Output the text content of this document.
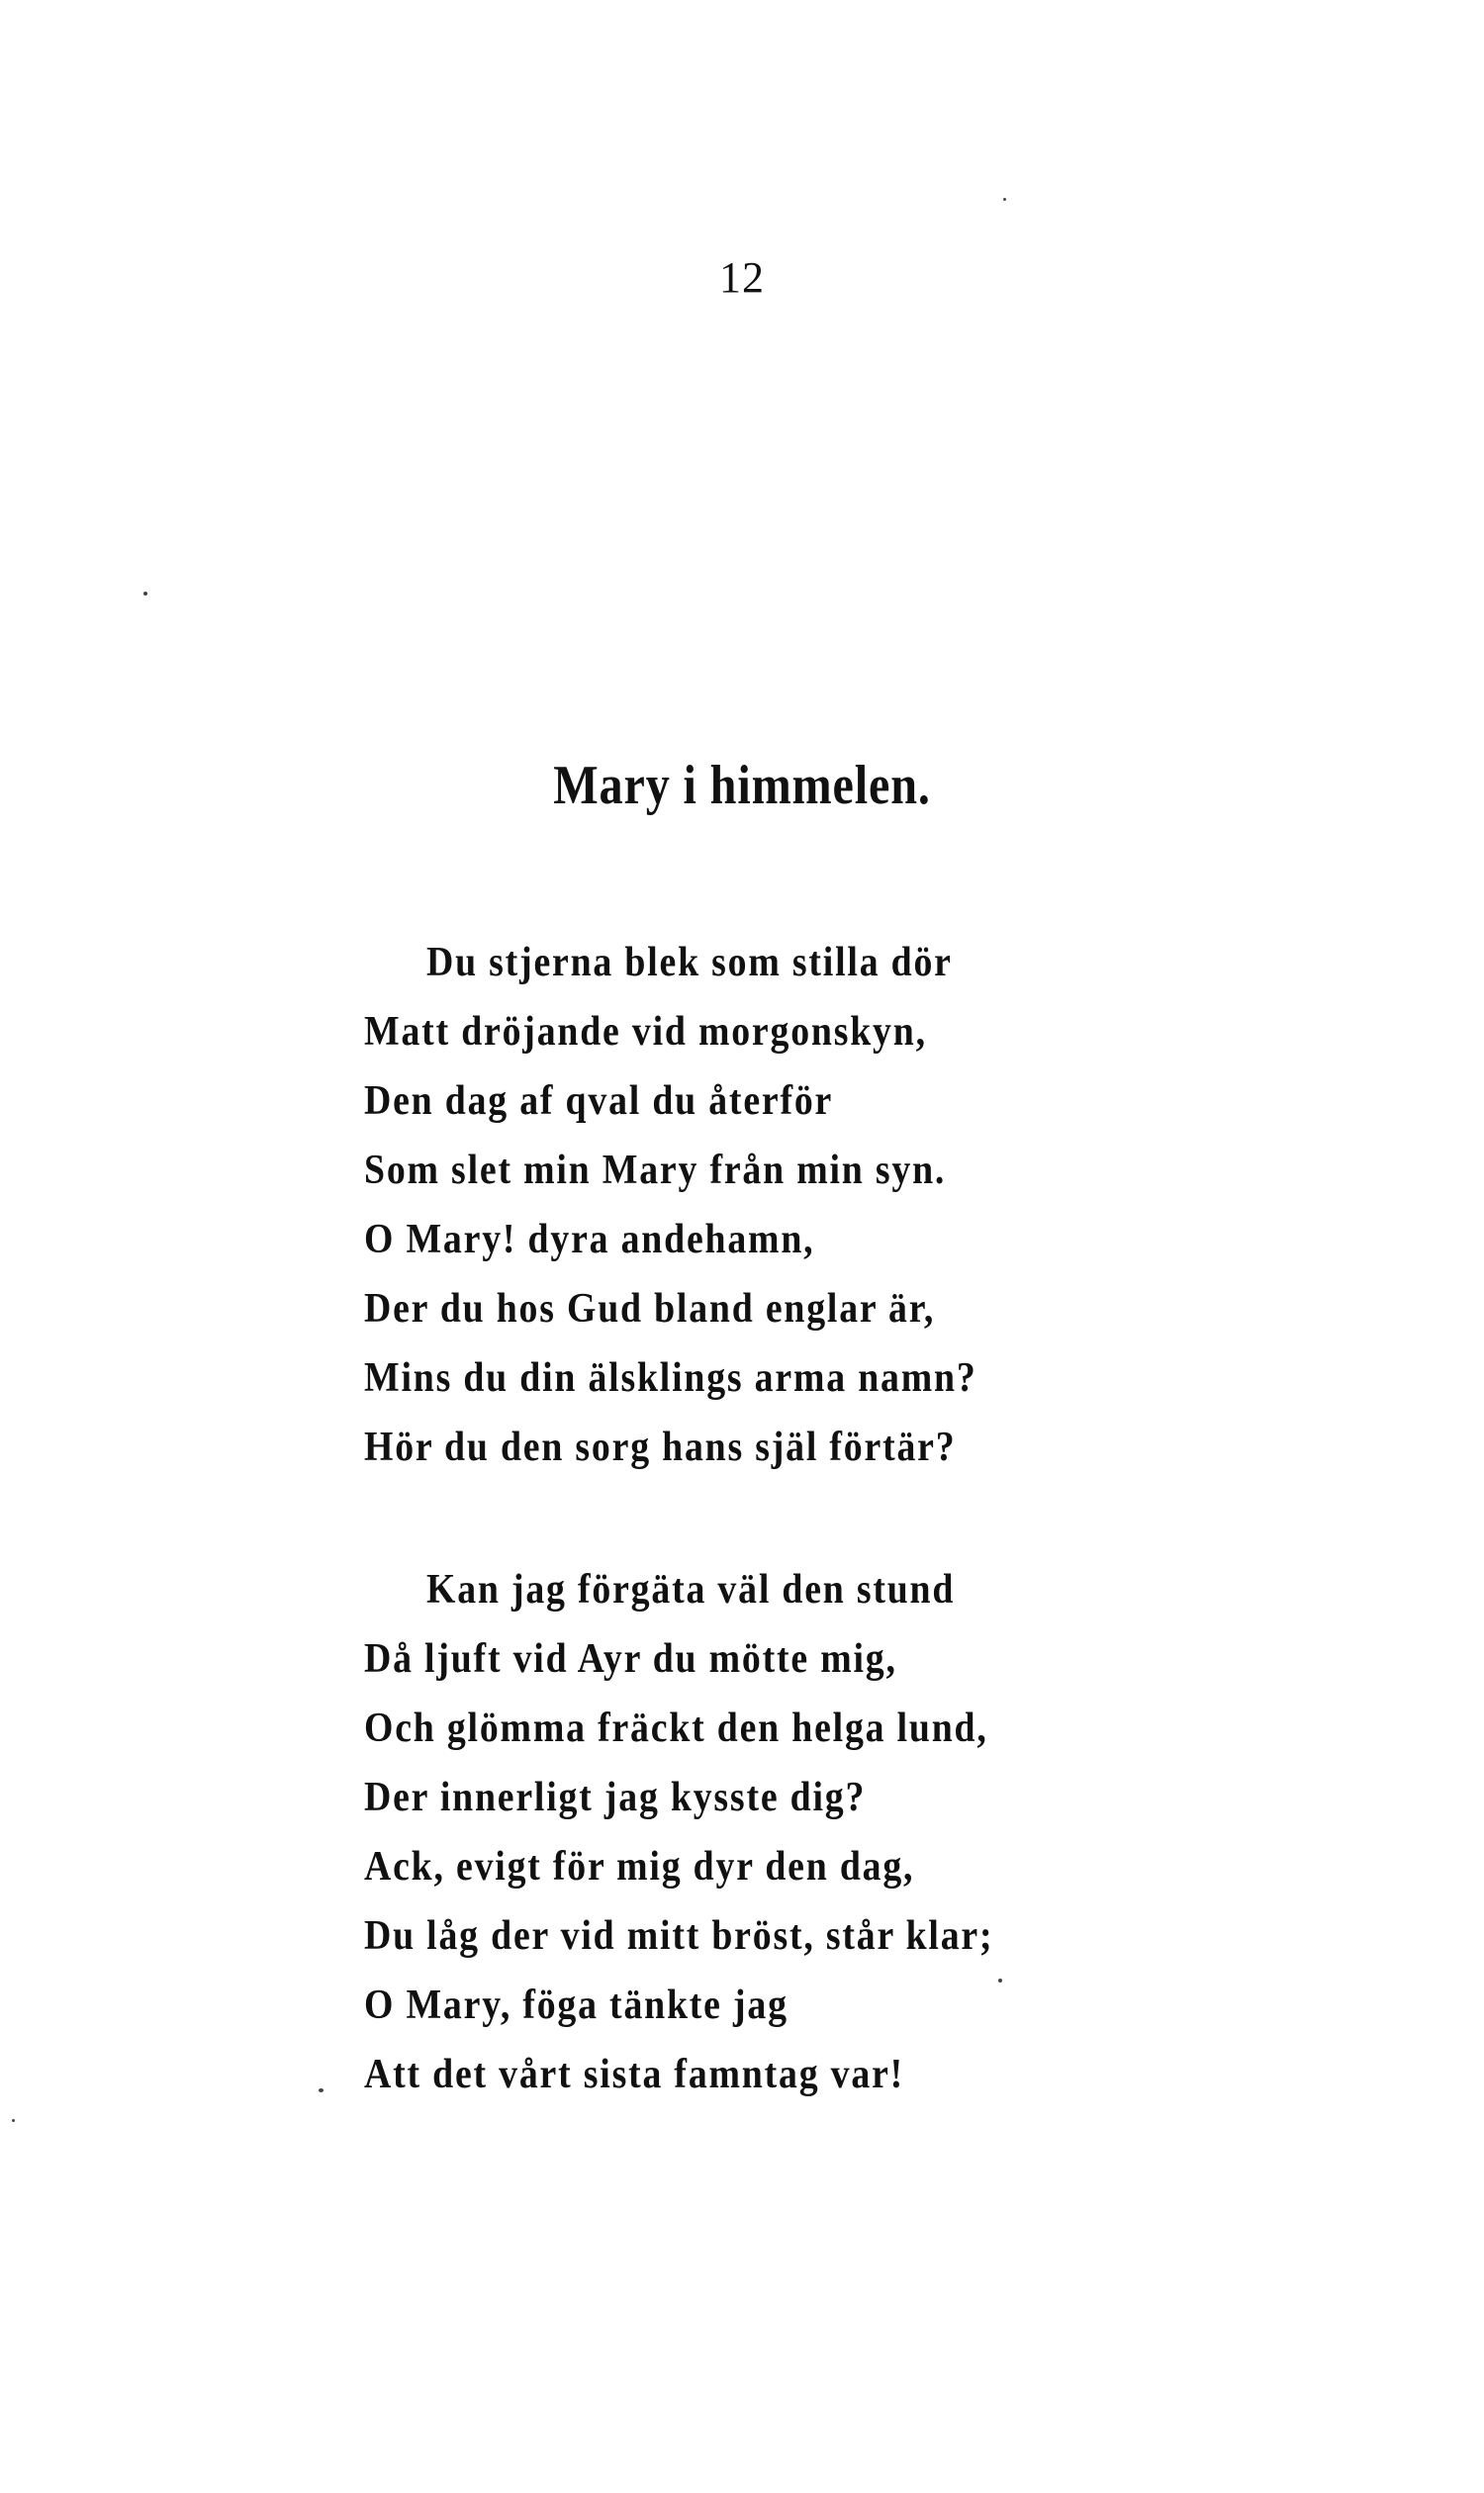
12
Mary i himmelen.
Du stjerna blek som stilla dör
Matt dröjande vid morgonskyn,
Den dag af qval du återför
Som slet min Mary från min syn.
O Mary! dyra andehamn,
Der du hos Gud bland englar är,
Mins du din älsklings arma namn?
Hör du den sorg hans själ förtär?
Kan jag förgäta väl den stund
Då ljuft vid Ayr du mötte mig,
Och glömma fräckt den helga lund,
Der innerligt jag kysste dig?
Ack, evigt för mig dyr den dag,
Du låg der vid mitt bröst, står klar;
O Mary, föga tänkte jag
Att det vårt sista famntag var!
